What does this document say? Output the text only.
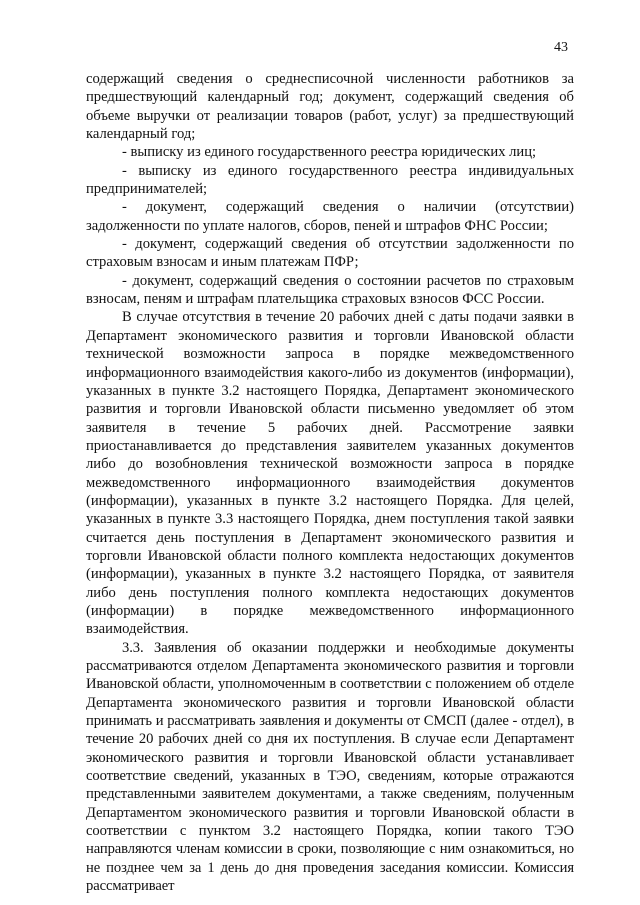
43

содержащий сведения о среднесписочной численности работников за предшествующий календарный год; документ, содержащий сведения об объеме выручки от реализации товаров (работ, услуг) за предшествующий календарный год;

- выписку из единого государственного реестра юридических лиц;

- выписку из единого государственного реестра индивидуальных предпринимателей;

- документ, содержащий сведения о наличии (отсутствии) задолженности по уплате налогов, сборов, пеней и штрафов ФНС России;

- документ, содержащий сведения об отсутствии задолженности по страховым взносам и иным платежам ПФР;

- документ, содержащий сведения о состоянии расчетов по страховым взносам, пеням и штрафам плательщика страховых взносов ФСС России.

В случае отсутствия в течение 20 рабочих дней с даты подачи заявки в Департамент экономического развития и торговли Ивановской области технической возможности запроса в порядке межведомственного информационного взаимодействия какого-либо из документов (информации), указанных в пункте 3.2 настоящего Порядка, Департамент экономического развития и торговли Ивановской области письменно уведомляет об этом заявителя в течение 5 рабочих дней. Рассмотрение заявки приостанавливается до представления заявителем указанных документов либо до возобновления технической возможности запроса в порядке межведомственного информационного взаимодействия документов (информации), указанных в пункте 3.2 настоящего Порядка. Для целей, указанных в пункте 3.3 настоящего Порядка, днем поступления такой заявки считается день поступления в Департамент экономического развития и торговли Ивановской области полного комплекта недостающих документов (информации), указанных в пункте 3.2 настоящего Порядка, от заявителя либо день поступления полного комплекта недостающих документов (информации) в порядке межведомственного информационного взаимодействия.

3.3. Заявления об оказании поддержки и необходимые документы рассматриваются отделом Департамента экономического развития и торговли Ивановской области, уполномоченным в соответствии с положением об отделе Департамента экономического развития и торговли Ивановской области принимать и рассматривать заявления и документы от СМСП (далее - отдел), в течение 20 рабочих дней со дня их поступления. В случае если Департамент экономического развития и торговли Ивановской области устанавливает соответствие сведений, указанных в ТЭО, сведениям, которые отражаются представленными заявителем документами, а также сведениям, полученным Департаментом экономического развития и торговли Ивановской области в соответствии с пунктом 3.2 настоящего Порядка, копии такого ТЭО направляются членам комиссии в сроки, позволяющие с ним ознакомиться, но не позднее чем за 1 день до дня проведения заседания комиссии. Комиссия рассматривает
